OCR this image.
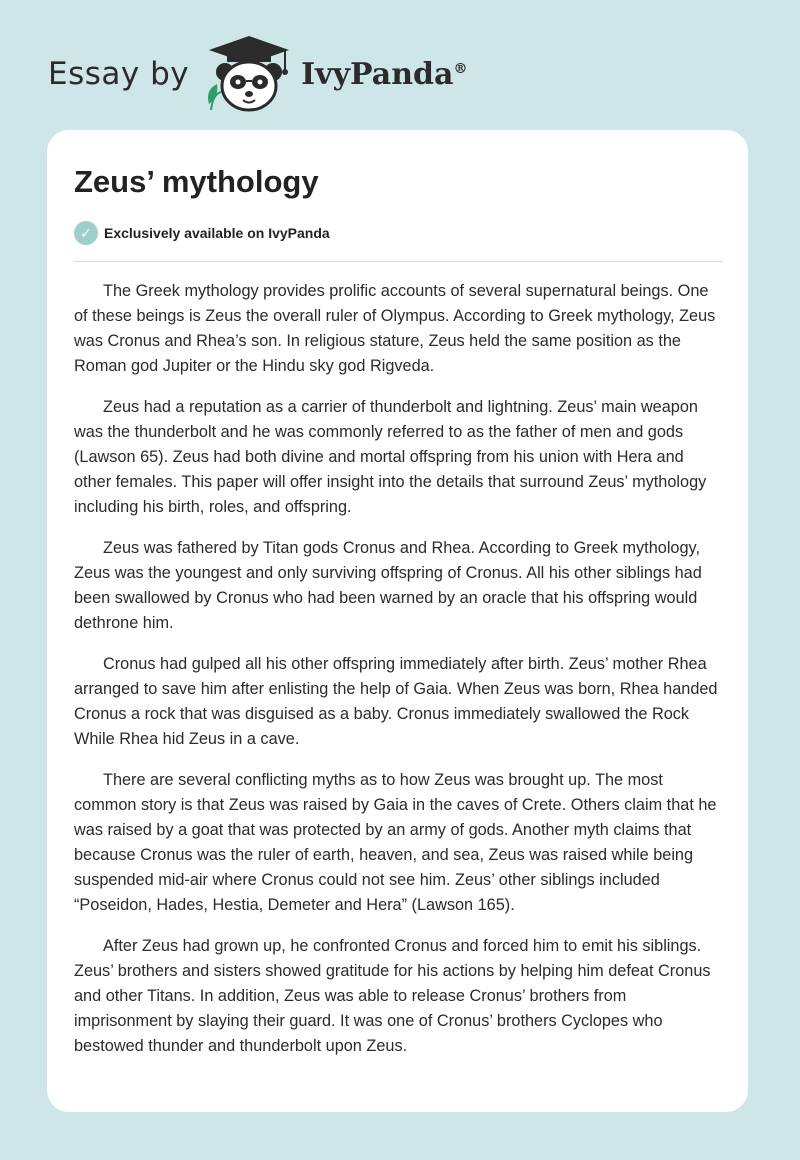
Essay by	IvyPanda®
Zeus’ mythology
✓ Exclusively available on IvyPanda

The Greek mythology provides prolific accounts of several supernatural beings. One of these beings is Zeus the overall ruler of Olympus. According to Greek mythology, Zeus was Cronus and Rhea’s son. In religious stature, Zeus held the same position as the Roman god Jupiter or the Hindu sky god Rigveda.

Zeus had a reputation as a carrier of thunderbolt and lightning. Zeus’ main weapon was the thunderbolt and he was commonly referred to as the father of men and gods (Lawson 65). Zeus had both divine and mortal offspring from his union with Hera and other females. This paper will offer insight into the details that surround Zeus’ mythology including his birth, roles, and offspring.

Zeus was fathered by Titan gods Cronus and Rhea. According to Greek mythology, Zeus was the youngest and only surviving offspring of Cronus. All his other siblings had been swallowed by Cronus who had been warned by an oracle that his offspring would dethrone him.

Cronus had gulped all his other offspring immediately after birth. Zeus’ mother Rhea arranged to save him after enlisting the help of Gaia. When Zeus was born, Rhea handed Cronus a rock that was disguised as a baby. Cronus immediately swallowed the Rock While Rhea hid Zeus in a cave.

There are several conflicting myths as to how Zeus was brought up. The most common story is that Zeus was raised by Gaia in the caves of Crete. Others claim that he was raised by a goat that was protected by an army of gods. Another myth claims that because Cronus was the ruler of earth, heaven, and sea, Zeus was raised while being suspended mid-air where Cronus could not see him. Zeus’ other siblings included “Poseidon, Hades, Hestia, Demeter and Hera” (Lawson 165).

After Zeus had grown up, he confronted Cronus and forced him to emit his siblings. Zeus’ brothers and sisters showed gratitude for his actions by helping him defeat Cronus and other Titans. In addition, Zeus was able to release Cronus’ brothers from imprisonment by slaying their guard. It was one of Cronus’ brothers Cyclopes who bestowed thunder and thunderbolt upon Zeus.
